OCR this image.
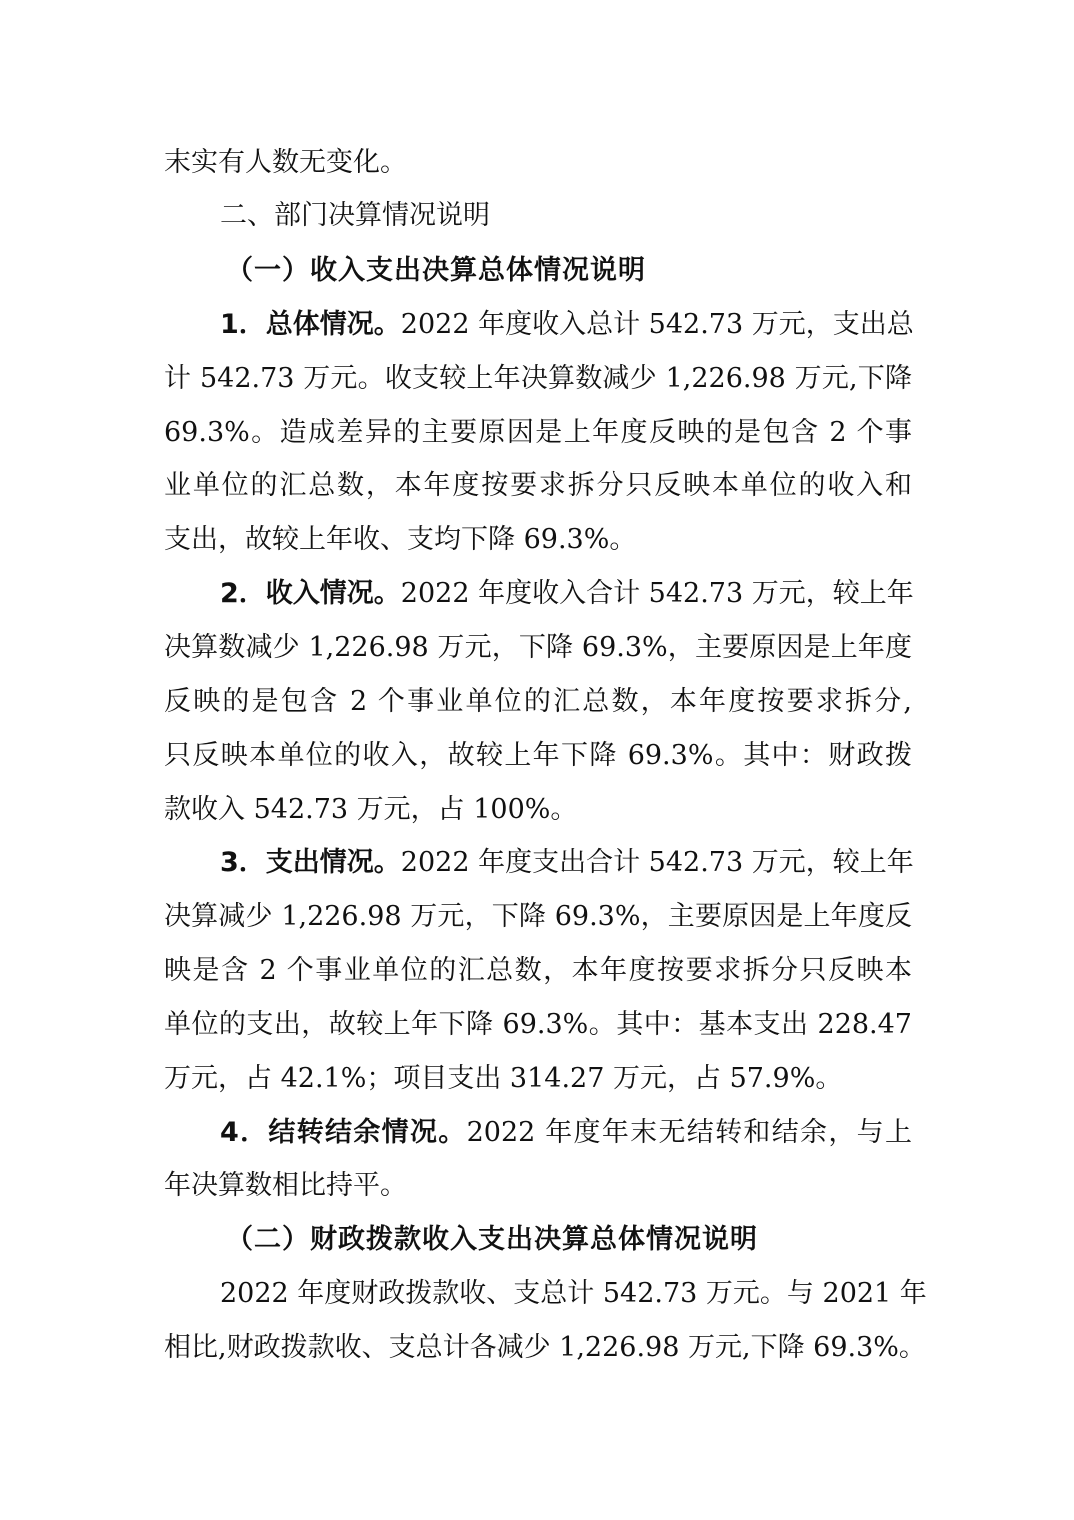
末实有人数无变化。
二、部门决算情况说明
（一）收入支出决算总体情况说明
1．总体情况。2022 年度收入总计 542.73 万元，支出总
计 542.73 万元。收支较上年决算数减少 1,226.98 万元,下降
69.3%。造成差异的主要原因是上年度反映的是包含 2 个事
业单位的汇总数，本年度按要求拆分只反映本单位的收入和
支出，故较上年收、支均下降 69.3%。
2．收入情况。2022 年度收入合计 542.73 万元，较上年
决算数减少 1,226.98 万元，下降 69.3%，主要原因是上年度
反映的是包含 2 个事业单位的汇总数，本年度按要求拆分,
只反映本单位的收入，故较上年下降 69.3%。其中：财政拨
款收入 542.73 万元，占 100%。
3．支出情况。2022 年度支出合计 542.73 万元，较上年
决算减少 1,226.98 万元，下降 69.3%，主要原因是上年度反
映是含 2 个事业单位的汇总数，本年度按要求拆分只反映本
单位的支出，故较上年下降 69.3%。其中：基本支出 228.47
万元，占 42.1%；项目支出 314.27 万元，占 57.9%。
4．结转结余情况。2022 年度年末无结转和结余，与上
年决算数相比持平。
（二）财政拨款收入支出决算总体情况说明
2022 年度财政拨款收、支总计 542.73 万元。与 2021 年
相比,财政拨款收、支总计各减少 1,226.98 万元,下降 69.3%。
